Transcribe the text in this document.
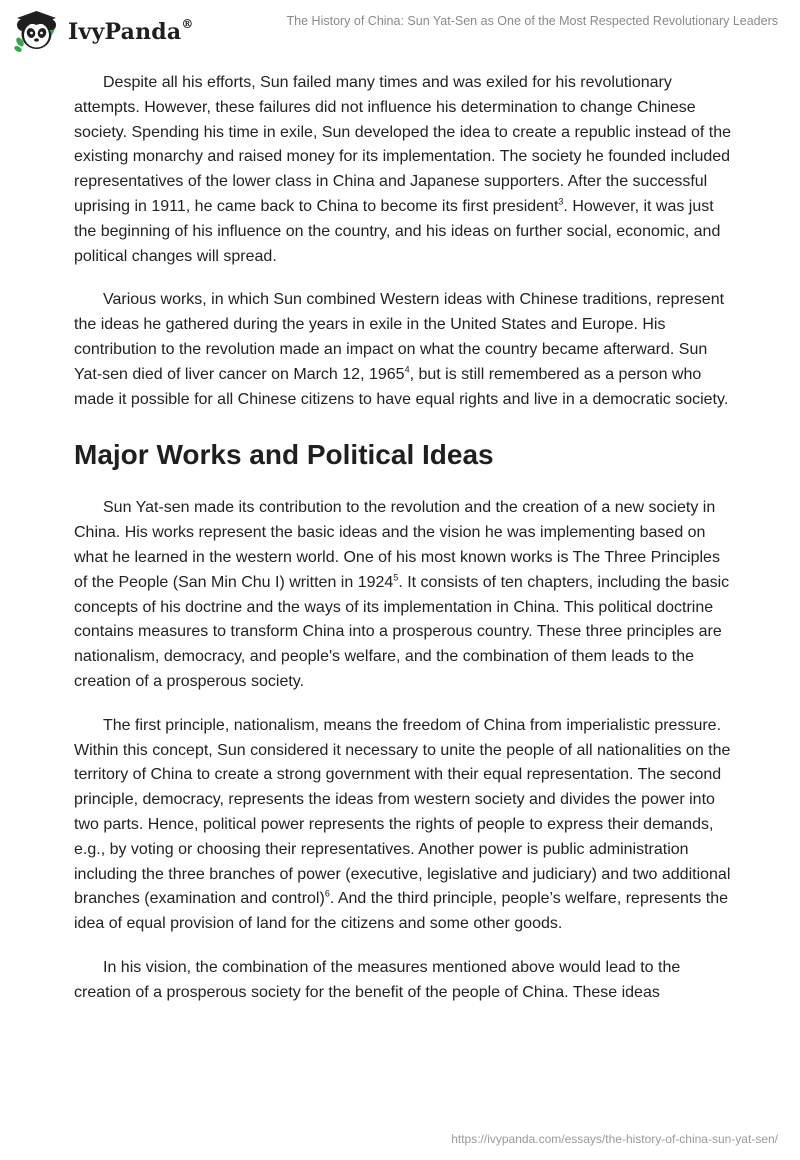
IvyPanda®	The History of China: Sun Yat-Sen as One of the Most Respected Revolutionary Leaders

Despite all his efforts, Sun failed many times and was exiled for his revolutionary attempts. However, these failures did not influence his determination to change Chinese society. Spending his time in exile, Sun developed the idea to create a republic instead of the existing monarchy and raised money for its implementation. The society he founded included representatives of the lower class in China and Japanese supporters. After the successful uprising in 1911, he came back to China to become its first president$^3$. However, it was just the beginning of his influence on the country, and his ideas on further social, economic, and political changes will spread.

Various works, in which Sun combined Western ideas with Chinese traditions, represent the ideas he gathered during the years in exile in the United States and Europe. His contribution to the revolution made an impact on what the country became afterward. Sun Yat-sen died of liver cancer on March 12, 1965$^4$, but is still remembered as a person who made it possible for all Chinese citizens to have equal rights and live in a democratic society.

Major Works and Political Ideas

Sun Yat-sen made its contribution to the revolution and the creation of a new society in China. His works represent the basic ideas and the vision he was implementing based on what he learned in the western world. One of his most known works is The Three Principles of the People (San Min Chu I) written in 1924$^5$. It consists of ten chapters, including the basic concepts of his doctrine and the ways of its implementation in China. This political doctrine contains measures to transform China into a prosperous country. These three principles are nationalism, democracy, and people's welfare, and the combination of them leads to the creation of a prosperous society.

The first principle, nationalism, means the freedom of China from imperialistic pressure. Within this concept, Sun considered it necessary to unite the people of all nationalities on the territory of China to create a strong government with their equal representation. The second principle, democracy, represents the ideas from western society and divides the power into two parts. Hence, political power represents the rights of people to express their demands, e.g., by voting or choosing their representatives. Another power is public administration including the three branches of power (executive, legislative and judiciary) and two additional branches (examination and control)$^6$. And the third principle, people’s welfare, represents the idea of equal provision of land for the citizens and some other goods.

In his vision, the combination of the measures mentioned above would lead to the creation of a prosperous society for the benefit of the people of China. These ideas

https://ivypanda.com/essays/the-history-of-china-sun-yat-sen/
